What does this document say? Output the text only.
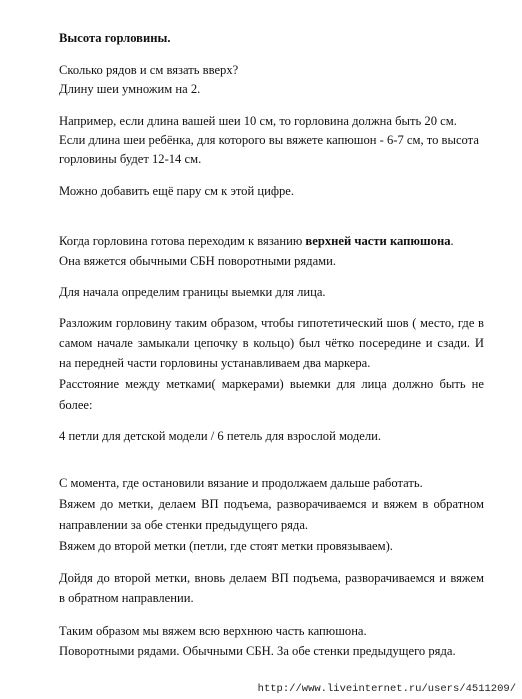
Высота горловины.
Сколько рядов и см вязать вверх?
Длину шеи умножим на 2.
Например, если длина вашей шеи 10 см, то горловина должна быть 20 см.
Если длина шеи ребёнка, для которого вы вяжете капюшон - 6-7 см, то высота
горловины будет 12-14 см.
Можно добавить ещё пару см к этой цифре.
Когда горловина готова переходим к вязанию верхней части капюшона.
Она вяжется обычными СБН поворотными рядами.
Для начала определим границы выемки для лица.
Разложим горловину таким образом, чтобы гипотетический шов ( место, где в
самом начале замыкали цепочку в кольцо) был чётко посередине и сзади. И
на передней части горловины устанавливаем два маркера.
Расстояние между метками( маркерами) выемки для лица должно быть не
более:
4 петли для детской модели / 6 петель для взрослой модели.
С момента, где остановили вязание и продолжаем дальше работать.
Вяжем до метки, делаем ВП подъема, разворачиваемся и вяжем в обратном
направлении за обе стенки предыдущего ряда.
Вяжем до второй метки (петли, где стоят метки провязываем).
Дойдя до второй метки, вновь делаем ВП подъема, разворачиваемся и вяжем
в обратном направлении.
Таким образом мы вяжем всю верхнюю часть капюшона.
Поворотными рядами. Обычными СБН. За обе стенки предыдущего ряда.
http://www.liveinternet.ru/users/4511209/
